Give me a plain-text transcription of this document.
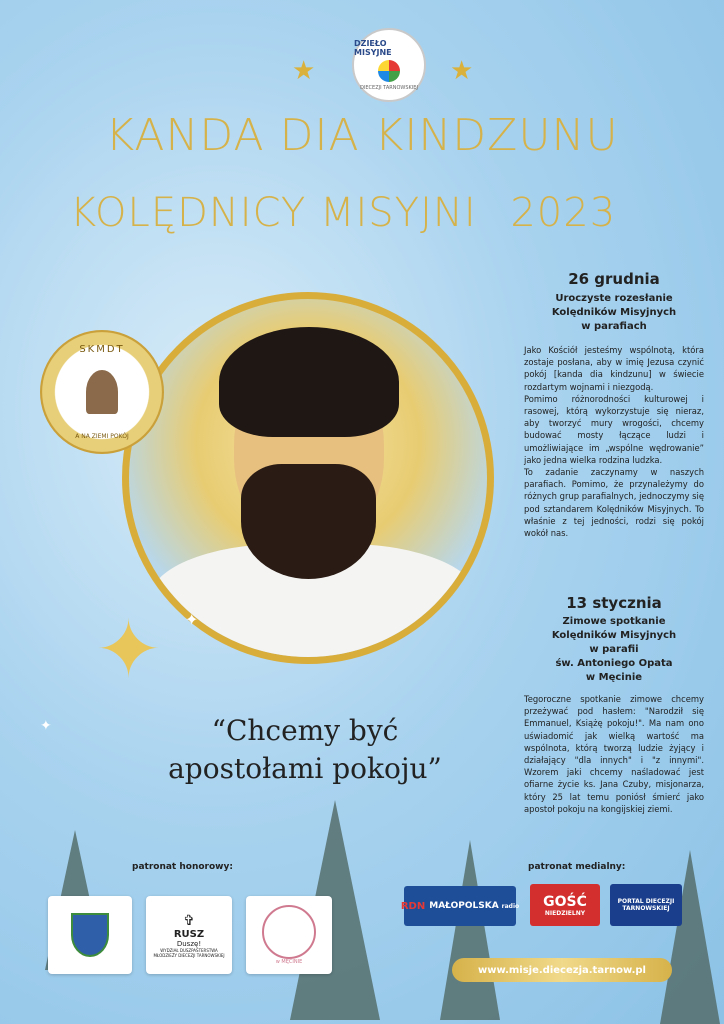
★	★
DZIEŁO MISYJNE
DIECEZJI TARNOWSKIEJ
KANDA DIA KINDZUNU
KOLĘDNICY MISYJNI 2023
SKMDT
A NA ZIEMI POKÓJ
✦ ✦
✦	“Chcemy być
apostołami pokoju”
26 grudnia
Uroczyste rozesłanie
Kolędników Misyjnych
w parafiach
Jako Kościół jesteśmy wspólnotą, która zostaje posłana, aby w imię Jezusa czynić pokój [kanda dia kindzunu] w świecie rozdartym wojnami i niezgodą.
Pomimo różnorodności kulturowej i rasowej, którą wykorzystuje się nieraz, aby tworzyć mury wrogości, chcemy budować mosty łączące ludzi i umożliwiające im „wspólne wędrowanie” jako jedna wielka rodzina ludzka.
To zadanie zaczynamy w naszych parafiach. Pomimo, że przynależymy do różnych grup parafialnych, jednoczymy się pod sztandarem Kolędników Misyjnych. To właśnie z tej jedności, rodzi się pokój wokół nas.
13 stycznia
Zimowe spotkanie
Kolędników Misyjnych
w parafii
św. Antoniego Opata
w Męcinie
Tegoroczne spotkanie zimowe chcemy przeżywać pod hasłem: "Narodził się Emmanuel, Książę pokoju!". Ma nam ono uświadomić jak wielką wartość ma wspólnota, którą tworzą ludzie żyjący i działający "dla innych" i "z innymi". Wzorem jaki chcemy naśladować jest ofiarne życie ks. Jana Czuby, misjonarza, który 25 lat temu poniósł śmierć jako apostoł pokoju na kongijskiej ziemi.
patronat honorowy:	patronat medialny:
✞
RUSZ
Duszę!
WYDZIAŁ DUSZPASTERSTWA MŁODZIEŻY DIECEZJI TARNOWSKIEJ
w MĘCINIE
RDN MAŁOPOLSKA radio GOŚĆ
NIEDZIELNY
PORTAL DIECEZJI TARNOWSKIEJ
www.misje.diecezja.tarnow.pl
